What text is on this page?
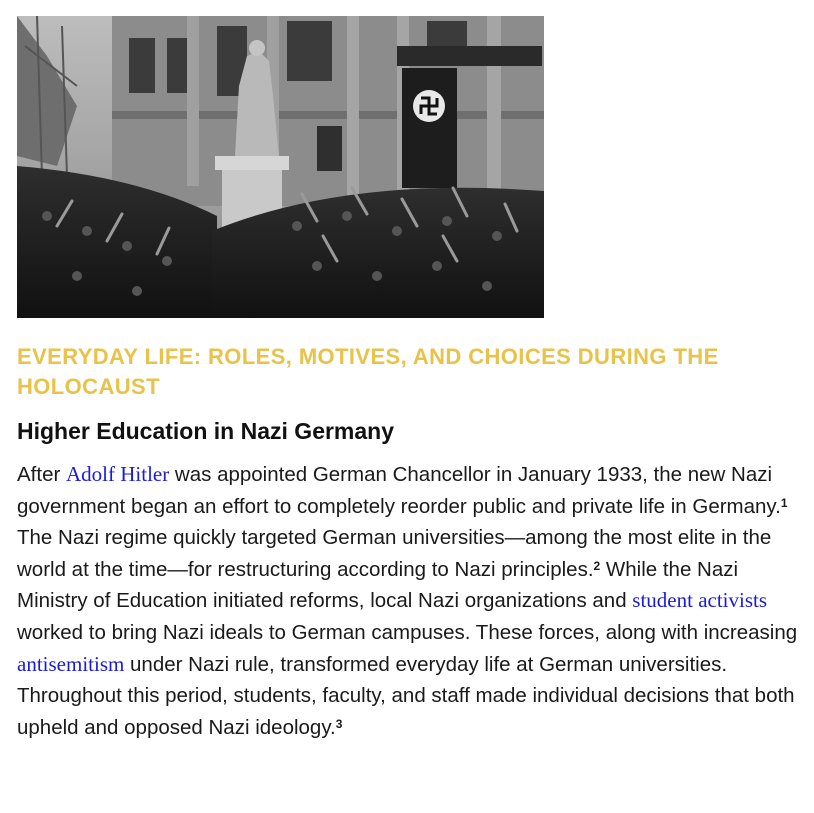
EVERYDAY LIFE: ROLES, MOTIVES, AND CHOICES DURING THE HOLOCAUST
Higher Education in Nazi Germany

After Adolf Hitler was appointed German Chancellor in January 1933, the new Nazi government began an effort to completely reorder public and private life in Germany.$^1$ The Nazi regime quickly targeted German universities—among the most elite in the world at the time—for restructuring according to Nazi principles.$^2$ While the Nazi Ministry of Education initiated reforms, local Nazi organizations and student activists worked to bring Nazi ideals to German campuses. These forces, along with increasing antisemitism under Nazi rule, transformed everyday life at German universities. Throughout this period, students, faculty, and staff made individual decisions that both upheld and opposed Nazi ideology.$^3$
